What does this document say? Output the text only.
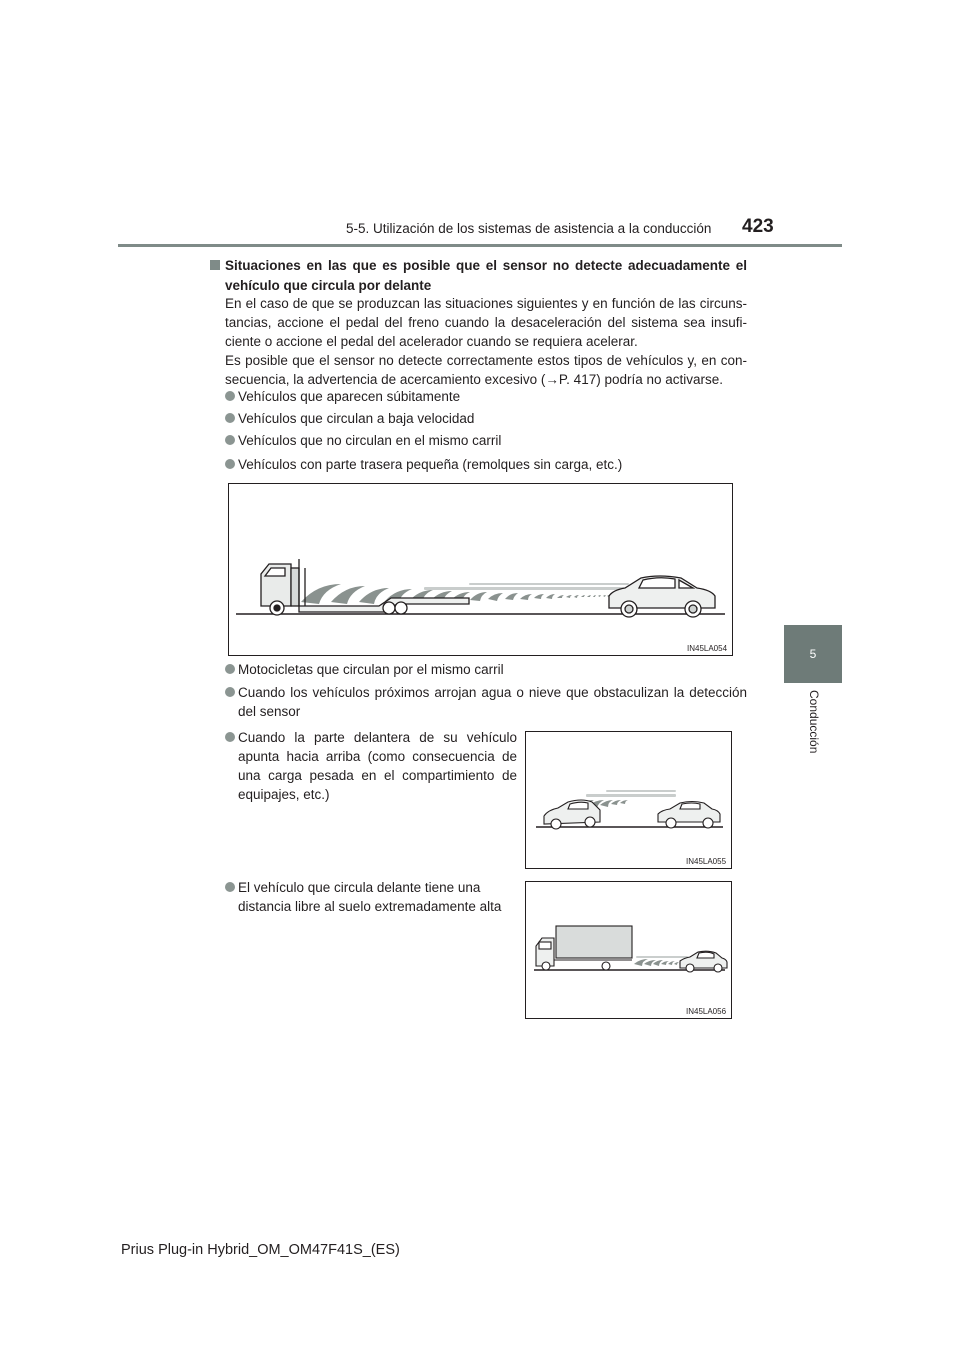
5-5. Utilización de los sistemas de asistencia a la conducción 423
5
Conducción
Situaciones en las que es posible que el sensor no detecte adecuadamente el vehículo que circula por delante
En el caso de que se produzcan las situaciones siguientes y en función de las circuns-
tancias, accione el pedal del freno cuando la desaceleración del sistema sea insufi-
ciente o accione el pedal del acelerador cuando se requiera acelerar.
Es posible que el sensor no detecte correctamente estos tipos de vehículos y, en con-
secuencia, la advertencia de acercamiento excesivo (→P. 417) podría no activarse.
Vehículos que aparecen súbitamente
Vehículos que circulan a baja velocidad
Vehículos que no circulan en el mismo carril
Vehículos con parte trasera pequeña (remolques sin carga, etc.)
IN45LA054
Motocicletas que circulan por el mismo carril
Cuando los vehículos próximos arrojan agua o nieve que obstaculizan la detección del sensor
Cuando la parte delantera de su vehículo apunta hacia arriba (como consecuencia de una carga pesada en el compartimiento de equipajes, etc.)
IN45LA055
El vehículo que circula delante tiene una distancia libre al suelo extremadamente alta
IN45LA056
Prius Plug-in Hybrid_OM_OM47F41S_(ES)
